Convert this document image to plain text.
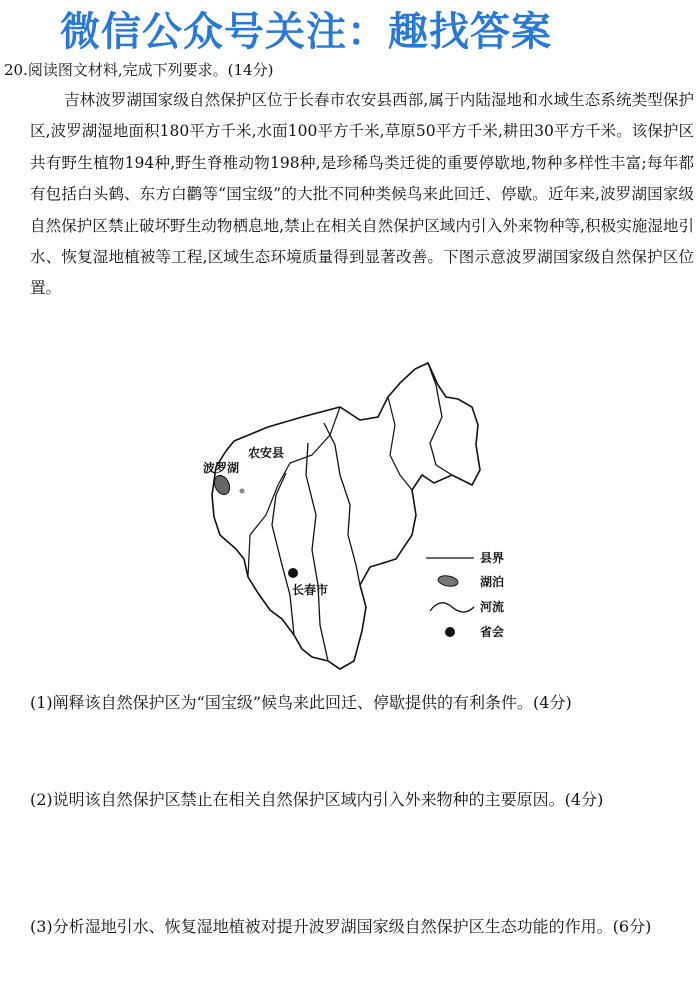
微信公众号关注：趣找答案
20.阅读图文材料,完成下列要求。(14分)
吉林波罗湖国家级自然保护区位于长春市农安县西部,属于内陆湿地和水域生态系统类型保护区,波罗湖湿地面积180平方千米,水面100平方千米,草原50平方千米,耕田30平方千米。该保护区共有野生植物194种,野生脊椎动物198种,是珍稀鸟类迁徙的重要停歇地,物种多样性丰富;每年都有包括白头鹤、东方白鹳等“国宝级”的大批不同种类候鸟来此回迁、停歇。近年来,波罗湖国家级自然保护区禁止破坏野生动物栖息地,禁止在相关自然保护区域内引入外来物种等,积极实施湿地引水、恢复湿地植被等工程,区域生态环境质量得到显著改善。下图示意波罗湖国家级自然保护区位置。
农安县
波罗湖
长春市
县界
湖泊
河流
省会
(1)阐释该自然保护区为“国宝级”候鸟来此回迁、停歇提供的有利条件。(4分)
(2)说明该自然保护区禁止在相关自然保护区域内引入外来物种的主要原因。(4分)
(3)分析湿地引水、恢复湿地植被对提升波罗湖国家级自然保护区生态功能的作用。(6分)
